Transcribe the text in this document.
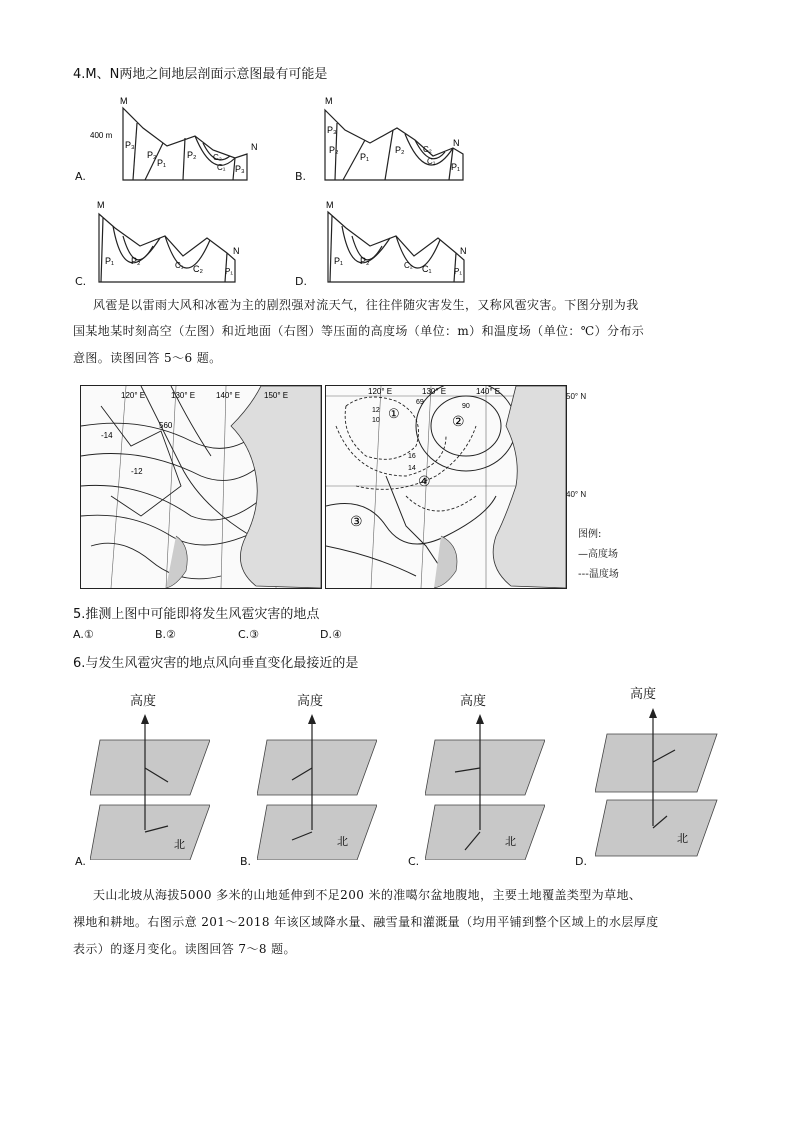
4.M、N两地之间地层剖面示意图最有可能是
M
400 m
N
P₃
P₂
P₁
P₂ C₂
C₁ P₃
A.
M
N
P₃
P₂
P₁
P₂ C₂
C₁
P₁
B.
M
N
P₁ P₂	C₁ C₂	P₁
C.
M
N
P₁ P₂	C₂ C₁	P₁
D.
风雹是以雷雨大风和冰雹为主的剧烈强对流天气，往往伴随灾害发生，又称风雹灾害。下图分别为我
国某地某时刻高空（左图）和近地面（右图）等压面的高度场（单位：m）和温度场（单位：℃）分布示
意图。读图回答 5～6 题。
120° E	130° E	140° E	150° E
560
-12
-14
120° E	130° E	140° E
12
10
16
14
69
90
①	②
③
④
50° N
40° N
图例:
—高度场
---温度场
5.推测上图中可能即将发生风雹灾害的地点
A.①	B.②	C.③	D.④
6.与发生风雹灾害的地点风向垂直变化最接近的是
高度
北
A.
高度
北
B.
高度
北
C.
高度
北
D.
天山北坡从海拔5000 多米的山地延伸到不足200 米的准噶尔盆地腹地，主要土地覆盖类型为草地、
裸地和耕地。右图示意 201～2018 年该区域降水量、融雪量和灌溉量（均用平铺到整个区域上的水层厚度
表示）的逐月变化。读图回答 7～8 题。
